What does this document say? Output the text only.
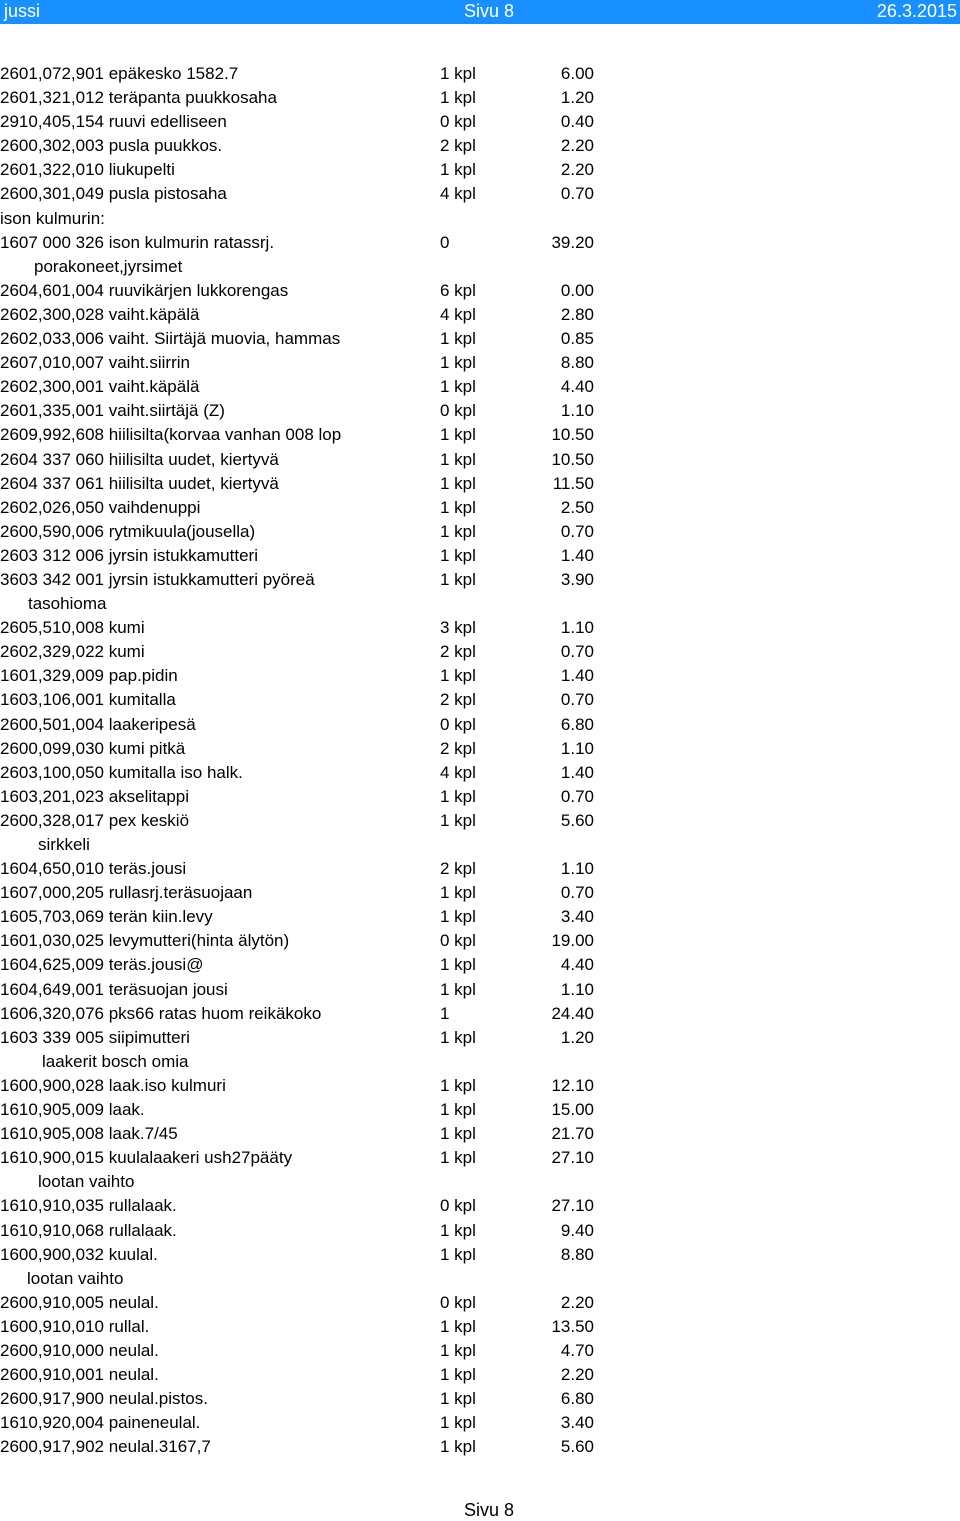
jussi	Sivu 8	26.3.2015
2601,072,901 epäkesko 1582.7	1 kpl	6.00
2601,321,012 teräpanta puukkosaha	1 kpl	1.20
2910,405,154 ruuvi edelliseen	0 kpl	0.40
2600,302,003 pusla puukkos.	2 kpl	2.20
2601,322,010 liukupelti	1 kpl	2.20
2600,301,049 pusla pistosaha	4 kpl	0.70
ison kulmurin:
1607 000 326 ison kulmurin ratassrj.	0	39.20
porakoneet,jyrsimet
2604,601,004 ruuvikärjen lukkorengas	6 kpl	0.00
2602,300,028 vaiht.käpälä	4 kpl	2.80
2602,033,006 vaiht. Siirtäjä muovia, hammas	1 kpl	0.85
2607,010,007 vaiht.siirrin	1 kpl	8.80
2602,300,001 vaiht.käpälä	1 kpl	4.40
2601,335,001 vaiht.siirtäjä (Z)	0 kpl	1.10
2609,992,608 hiilisilta(korvaa vanhan 008 lop	1 kpl	10.50
2604 337 060 hiilisilta uudet, kiertyvä	1 kpl	10.50
2604 337 061 hiilisilta uudet, kiertyvä	1 kpl	11.50
2602,026,050 vaihdenuppi	1 kpl	2.50
2600,590,006 rytmikuula(jousella)	1 kpl	0.70
2603 312 006 jyrsin istukkamutteri	1 kpl	1.40
3603 342 001 jyrsin istukkamutteri pyöreä	1 kpl	3.90
tasohioma
2605,510,008 kumi	3 kpl	1.10
2602,329,022 kumi	2 kpl	0.70
1601,329,009 pap.pidin	1 kpl	1.40
1603,106,001 kumitalla	2 kpl	0.70
2600,501,004 laakeripesä	0 kpl	6.80
2600,099,030 kumi pitkä	2 kpl	1.10
2603,100,050 kumitalla iso halk.	4 kpl	1.40
1603,201,023 akselitappi	1 kpl	0.70
2600,328,017 pex keskiö	1 kpl	5.60
sirkkeli
1604,650,010 teräs.jousi	2 kpl	1.10
1607,000,205 rullasrj.teräsuojaan	1 kpl	0.70
1605,703,069 terän kiin.levy	1 kpl	3.40
1601,030,025 levymutteri(hinta älytön)	0 kpl	19.00
1604,625,009 teräs.jousi@	1 kpl	4.40
1604,649,001 teräsuojan jousi	1 kpl	1.10
1606,320,076 pks66 ratas huom reikäkoko	1	24.40
1603 339 005 siipimutteri	1 kpl	1.20
laakerit bosch omia
1600,900,028 laak.iso kulmuri	1 kpl	12.10
1610,905,009 laak.	1 kpl	15.00
1610,905,008 laak.7/45	1 kpl	21.70
1610,900,015 kuulalaakeri ush27pääty	1 kpl	27.10
lootan vaihto
1610,910,035 rullalaak.	0 kpl	27.10
1610,910,068 rullalaak.	1 kpl	9.40
1600,900,032 kuulal.	1 kpl	8.80
lootan vaihto
2600,910,005 neulal.	0 kpl	2.20
1600,910,010 rullal.	1 kpl	13.50
2600,910,000 neulal.	1 kpl	4.70
2600,910,001 neulal.	1 kpl	2.20
2600,917,900 neulal.pistos.	1 kpl	6.80
1610,920,004 paineneulal.	1 kpl	3.40
2600,917,902 neulal.3167,7	1 kpl	5.60
Sivu 8
